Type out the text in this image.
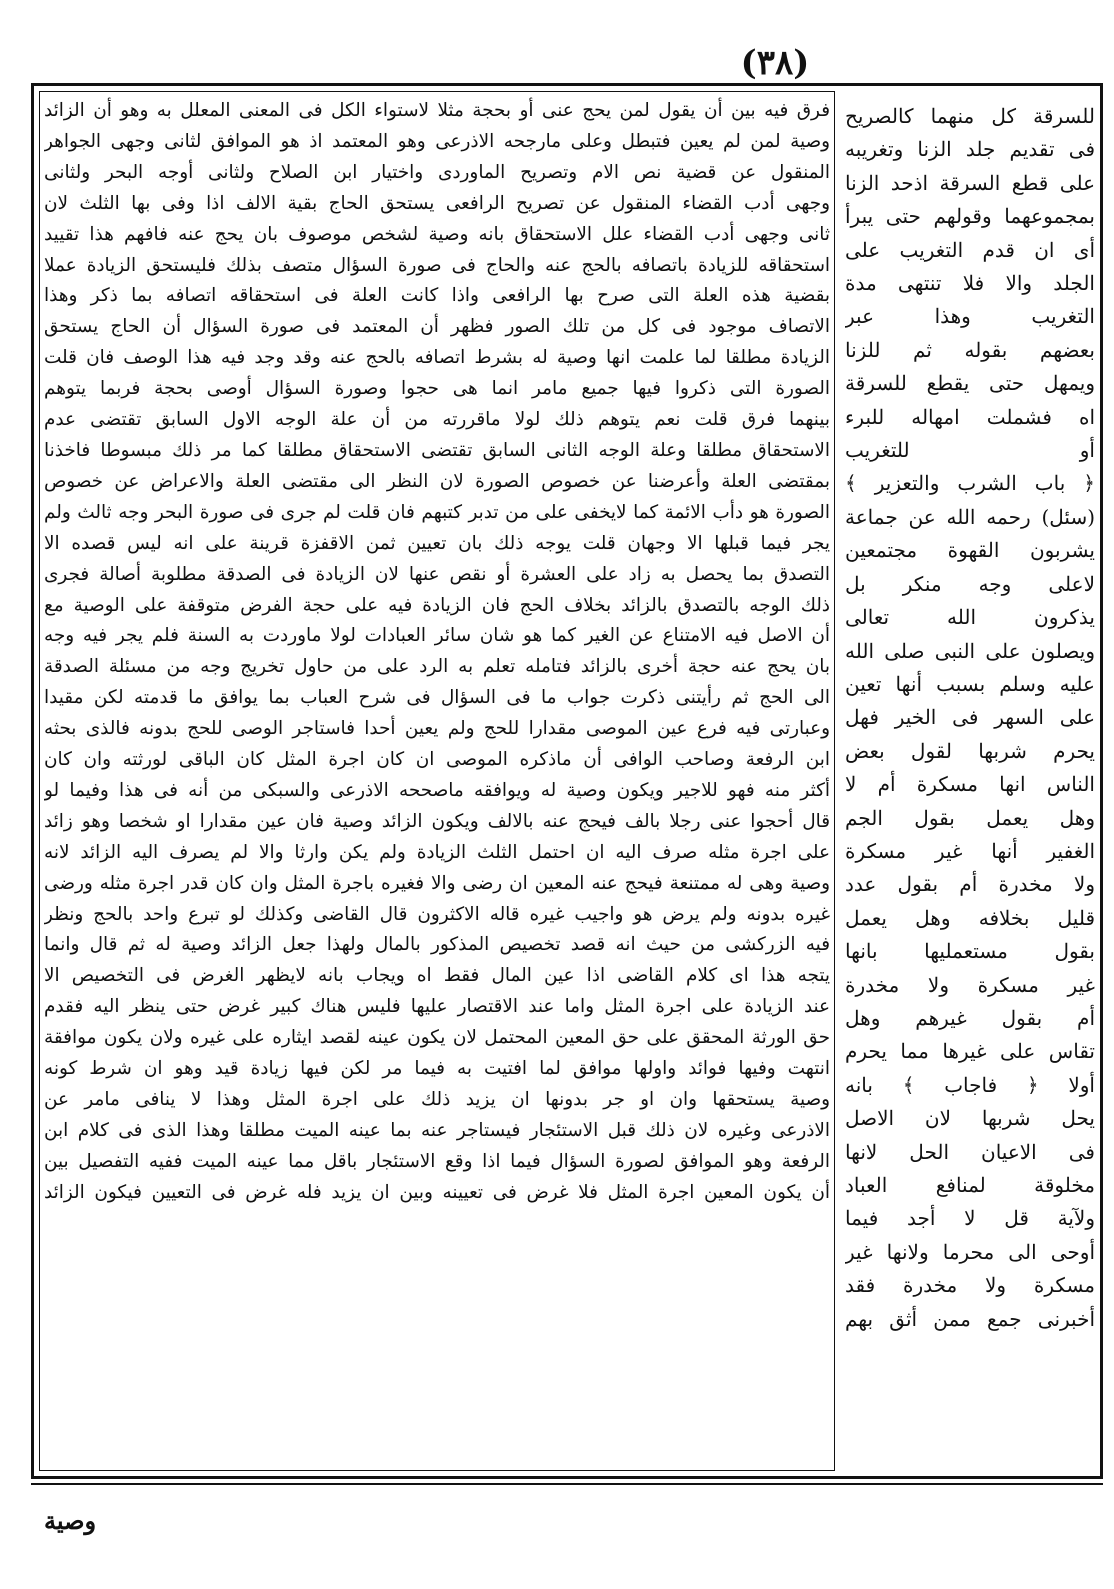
(٣٨)
فرق فيه بين أن يقول لمن يحج عنى أو بحجة مثلا لاستواء الكل فى المعنى المعلل به وهو أن الزائد
وصية لمن لم يعين فتبطل وعلى مارجحه الاذرعى وهو المعتمد اذ هو الموافق لثانى وجهى الجواهر
المنقول عن قضية نص الام وتصريح الماوردى واختيار ابن الصلاح ولثانى أوجه البحر ولثانى
وجهى أدب القضاء المنقول عن تصريح الرافعى يستحق الحاج بقية الالف اذا وفى بها الثلث لان
ثانى وجهى أدب القضاء علل الاستحقاق بانه وصية لشخص موصوف بان يحج عنه فافهم هذا تقييد
استحقاقه للزيادة باتصافه بالحج عنه والحاج فى صورة السؤال متصف بذلك فليستحق الزيادة عملا
بقضية هذه العلة التى صرح بها الرافعى واذا كانت العلة فى استحقاقه اتصافه بما ذكر وهذا
الاتصاف موجود فى كل من تلك الصور فظهر أن المعتمد فى صورة السؤال أن الحاج يستحق
الزيادة مطلقا لما علمت انها وصية له بشرط اتصافه بالحج عنه وقد وجد فيه هذا الوصف فان قلت
الصورة التى ذكروا فيها جميع مامر انما هى حجوا وصورة السؤال أوصى بحجة فربما يتوهم
بينهما فرق قلت نعم يتوهم ذلك لولا ماقررته من أن علة الوجه الاول السابق تقتضى عدم
الاستحقاق مطلقا وعلة الوجه الثانى السابق تقتضى الاستحقاق مطلقا كما مر ذلك مبسوطا فاخذنا
بمقتضى العلة وأعرضنا عن خصوص الصورة لان النظر الى مقتضى العلة والاعراض عن خصوص
الصورة هو دأب الائمة كما لايخفى على من تدبر كتبهم فان قلت لم جرى فى صورة البحر وجه ثالث ولم
يجر فيما قبلها الا وجهان قلت يوجه ذلك بان تعيين ثمن الاقفزة قرينة على انه ليس قصده الا
التصدق بما يحصل به زاد على العشرة أو نقص عنها لان الزيادة فى الصدقة مطلوبة أصالة فجرى
ذلك الوجه بالتصدق بالزائد بخلاف الحج فان الزيادة فيه على حجة الفرض متوقفة على الوصية مع
أن الاصل فيه الامتناع عن الغير كما هو شان سائر العبادات لولا ماوردت به السنة فلم يجر فيه وجه
بان يحج عنه حجة أخرى بالزائد فتامله تعلم به الرد على من حاول تخريج وجه من مسئلة الصدقة
الى الحج ثم رأيتنى ذكرت جواب ما فى السؤال فى شرح العباب بما يوافق ما قدمته لكن مقيدا
وعبارتى فيه فرع عين الموصى مقدارا للحج ولم يعين أحدا فاستاجر الوصى للحج بدونه فالذى بحثه
ابن الرفعة وصاحب الوافى أن ماذكره الموصى ان كان اجرة المثل كان الباقى لورثته وان كان
أكثر منه فهو للاجير ويكون وصية له ويوافقه ماصححه الاذرعى والسبكى من أنه فى هذا وفيما لو
قال أحجوا عنى رجلا بالف فيحج عنه بالالف ويكون الزائد وصية فان عين مقدارا او شخصا وهو زائد
على اجرة مثله صرف اليه ان احتمل الثلث الزيادة ولم يكن وارثا والا لم يصرف اليه الزائد لانه
وصية وهى له ممتنعة فيحج عنه المعين ان رضى والا فغيره باجرة المثل وان كان قدر اجرة مثله ورضى
غيره بدونه ولم يرض هو واجيب غيره قاله الاكثرون قال القاضى وكذلك لو تبرع واحد بالحج ونظر
فيه الزركشى من حيث انه قصد تخصيص المذكور بالمال ولهذا جعل الزائد وصية له ثم قال وانما
يتجه هذا اى كلام القاضى اذا عين المال فقط اه ويجاب بانه لايظهر الغرض فى التخصيص الا
عند الزيادة على اجرة المثل واما عند الاقتصار عليها فليس هناك كبير غرض حتى ينظر اليه فقدم
حق الورثة المحقق على حق المعين المحتمل لان يكون عينه لقصد ايثاره على غيره ولان يكون موافقة
انتهت وفيها فوائد واولها موافق لما افتيت به فيما مر لكن فيها زيادة قيد وهو ان شرط كونه
وصية يستحقها وان او جر بدونها ان يزيد ذلك على اجرة المثل وهذا لا ينافى مامر عن
الاذرعى وغيره لان ذلك قبل الاستئجار فيستاجر عنه بما عينه الميت مطلقا وهذا الذى فى كلام ابن
الرفعة وهو الموافق لصورة السؤال فيما اذا وقع الاستئجار باقل مما عينه الميت ففيه التفصيل بين
أن يكون المعين اجرة المثل فلا غرض فى تعيينه وبين ان يزيد فله غرض فى التعيين فيكون الزائد
للسرقة كل منهما كالصريح
فى تقديم جلد الزنا وتغريبه
على قطع السرقة اذحد الزنا
بمجموعهما وقولهم حتى يبرأ
أى ان قدم التغريب على
الجلد والا فلا تنتهى مدة
التغريب وهذا عبر
بعضهم بقوله ثم للزنا
ويمهل حتى يقطع للسرقة
اه فشملت امهاله للبرء
أو للتغريب
﴿ باب الشرب والتعزير ﴾
(سئل) رحمه الله عن جماعة
يشربون القهوة مجتمعين
لاعلى وجه منكر بل
يذكرون الله تعالى
ويصلون على النبى صلى الله
عليه وسلم بسبب أنها تعين
على السهر فى الخير فهل
يحرم شربها لقول بعض
الناس انها مسكرة أم لا
وهل يعمل بقول الجم
الغفير أنها غير مسكرة
ولا مخدرة أم بقول عدد
قليل بخلافه وهل يعمل
بقول مستعمليها بانها
غير مسكرة ولا مخدرة
أم بقول غيرهم وهل
تقاس على غيرها مما يحرم
أولا ﴿ فاجاب ﴾ بانه
يحل شربها لان الاصل
فى الاعيان الحل لانها
مخلوقة لمنافع العباد
ولآية قل لا أجد فيما
أوحى الى محرما ولانها غير
مسكرة ولا مخدرة فقد
أخبرنى جمع ممن أثق بهم
وصية
